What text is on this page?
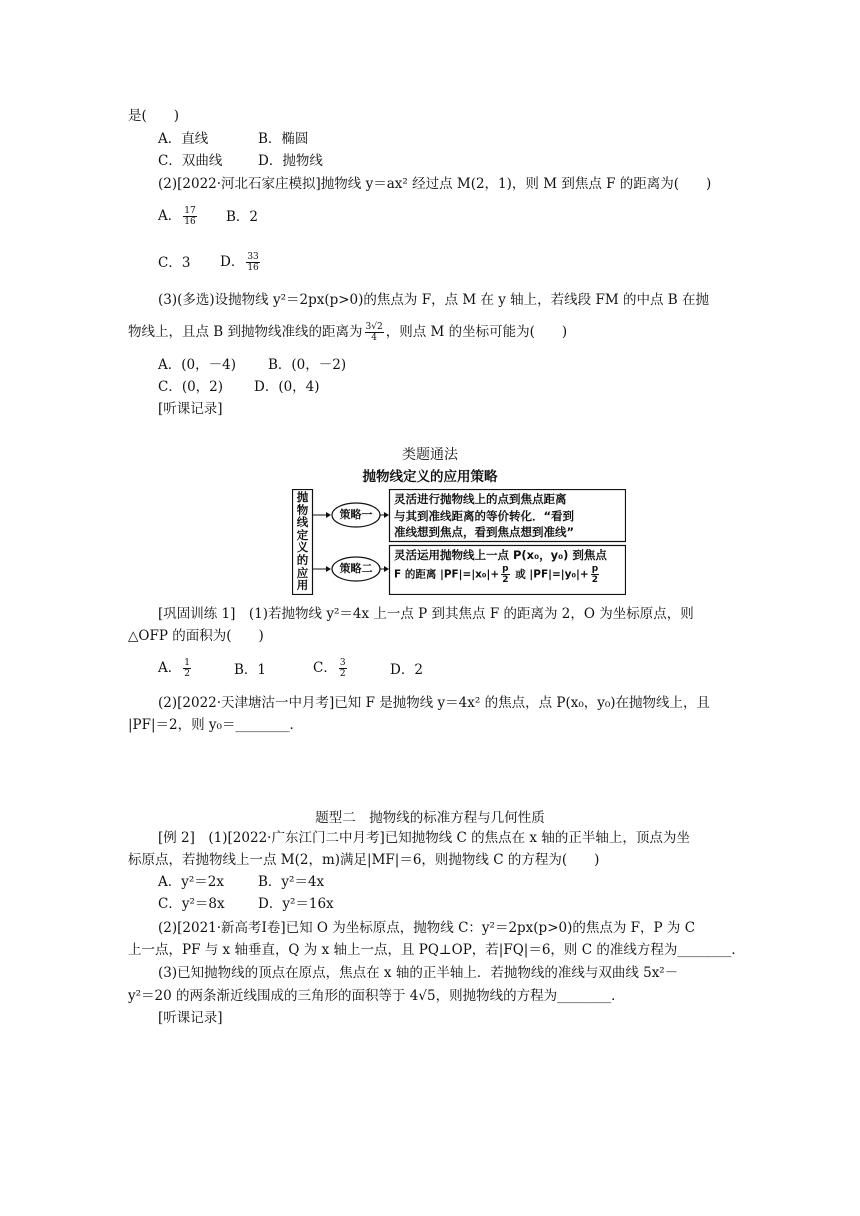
是(　　)
A．直线	B．椭圆
C．双曲线	D．抛物线
(2)[2022·河北石家庄模拟]抛物线 y＝ax² 经过点 M(2，1)，则 M 到焦点 F 的距离为(　　)
A． $\frac{17}{16}$ B．2
C．3 D． $\frac{33}{16}$
(3)(多选)设抛物线 y²＝2px(p>0)的焦点为 F，点 M 在 y 轴上，若线段 FM 的中点 B 在抛
物线上，且点 B 到抛物线准线的距离为 $\frac{3√2}{4}$ ，则点 M 的坐标可能为(　　)
A．(0，－4) B．(0，－2)
C．(0，2) D．(0，4)
[听课记录]
类题通法
抛物线定义的应用策略
抛
物
线
定
义
的
应
用
策略一
策略二
灵活进行抛物线上的点到焦点距离
与其到准线距离的等价转化．“看到
准线想到焦点，看到焦点想到准线”
灵活运用抛物线上一点 P(x₀，y₀) 到焦点
F 的距离 $|PF|=|x_0|+ \frac{p}{2}$ 或 $|PF|=|y_0|+ \frac{p}{2}$
[巩固训练 1]　(1)若抛物线 y²＝4x 上一点 P 到其焦点 F 的距离为 2，O 为坐标原点，则
△OFP 的面积为(　　)
A． $\frac{1}{2}$	B．1	C． $\frac{3}{2}$	D．2
(2)[2022·天津塘沽一中月考]已知 F 是抛物线 y＝4x² 的焦点，点 P(x₀，y₀)在抛物线上，且
|PF|＝2，则 y₀＝________．
题型二　抛物线的标准方程与几何性质
[例 2]　(1)[2022·广东江门二中月考]已知抛物线 C 的焦点在 x 轴的正半轴上，顶点为坐
标原点，若抛物线上一点 M(2，m)满足|MF|＝6，则抛物线 C 的方程为(　　)
A．y²＝2x	B．y²＝4x
C．y²＝8x D．y²＝16x
(2)[2021·新高考Ⅰ卷]已知 O 为坐标原点，抛物线 C：y²＝2px(p>0)的焦点为 F，P 为 C
上一点，PF 与 x 轴垂直，Q 为 x 轴上一点，且 PQ⊥OP，若|FQ|＝6，则 C 的准线方程为________．
(3)已知抛物线的顶点在原点，焦点在 x 轴的正半轴上．若抛物线的准线与双曲线 5x²－
y²＝20 的两条渐近线围成的三角形的面积等于 4√5，则抛物线的方程为________．
[听课记录]
